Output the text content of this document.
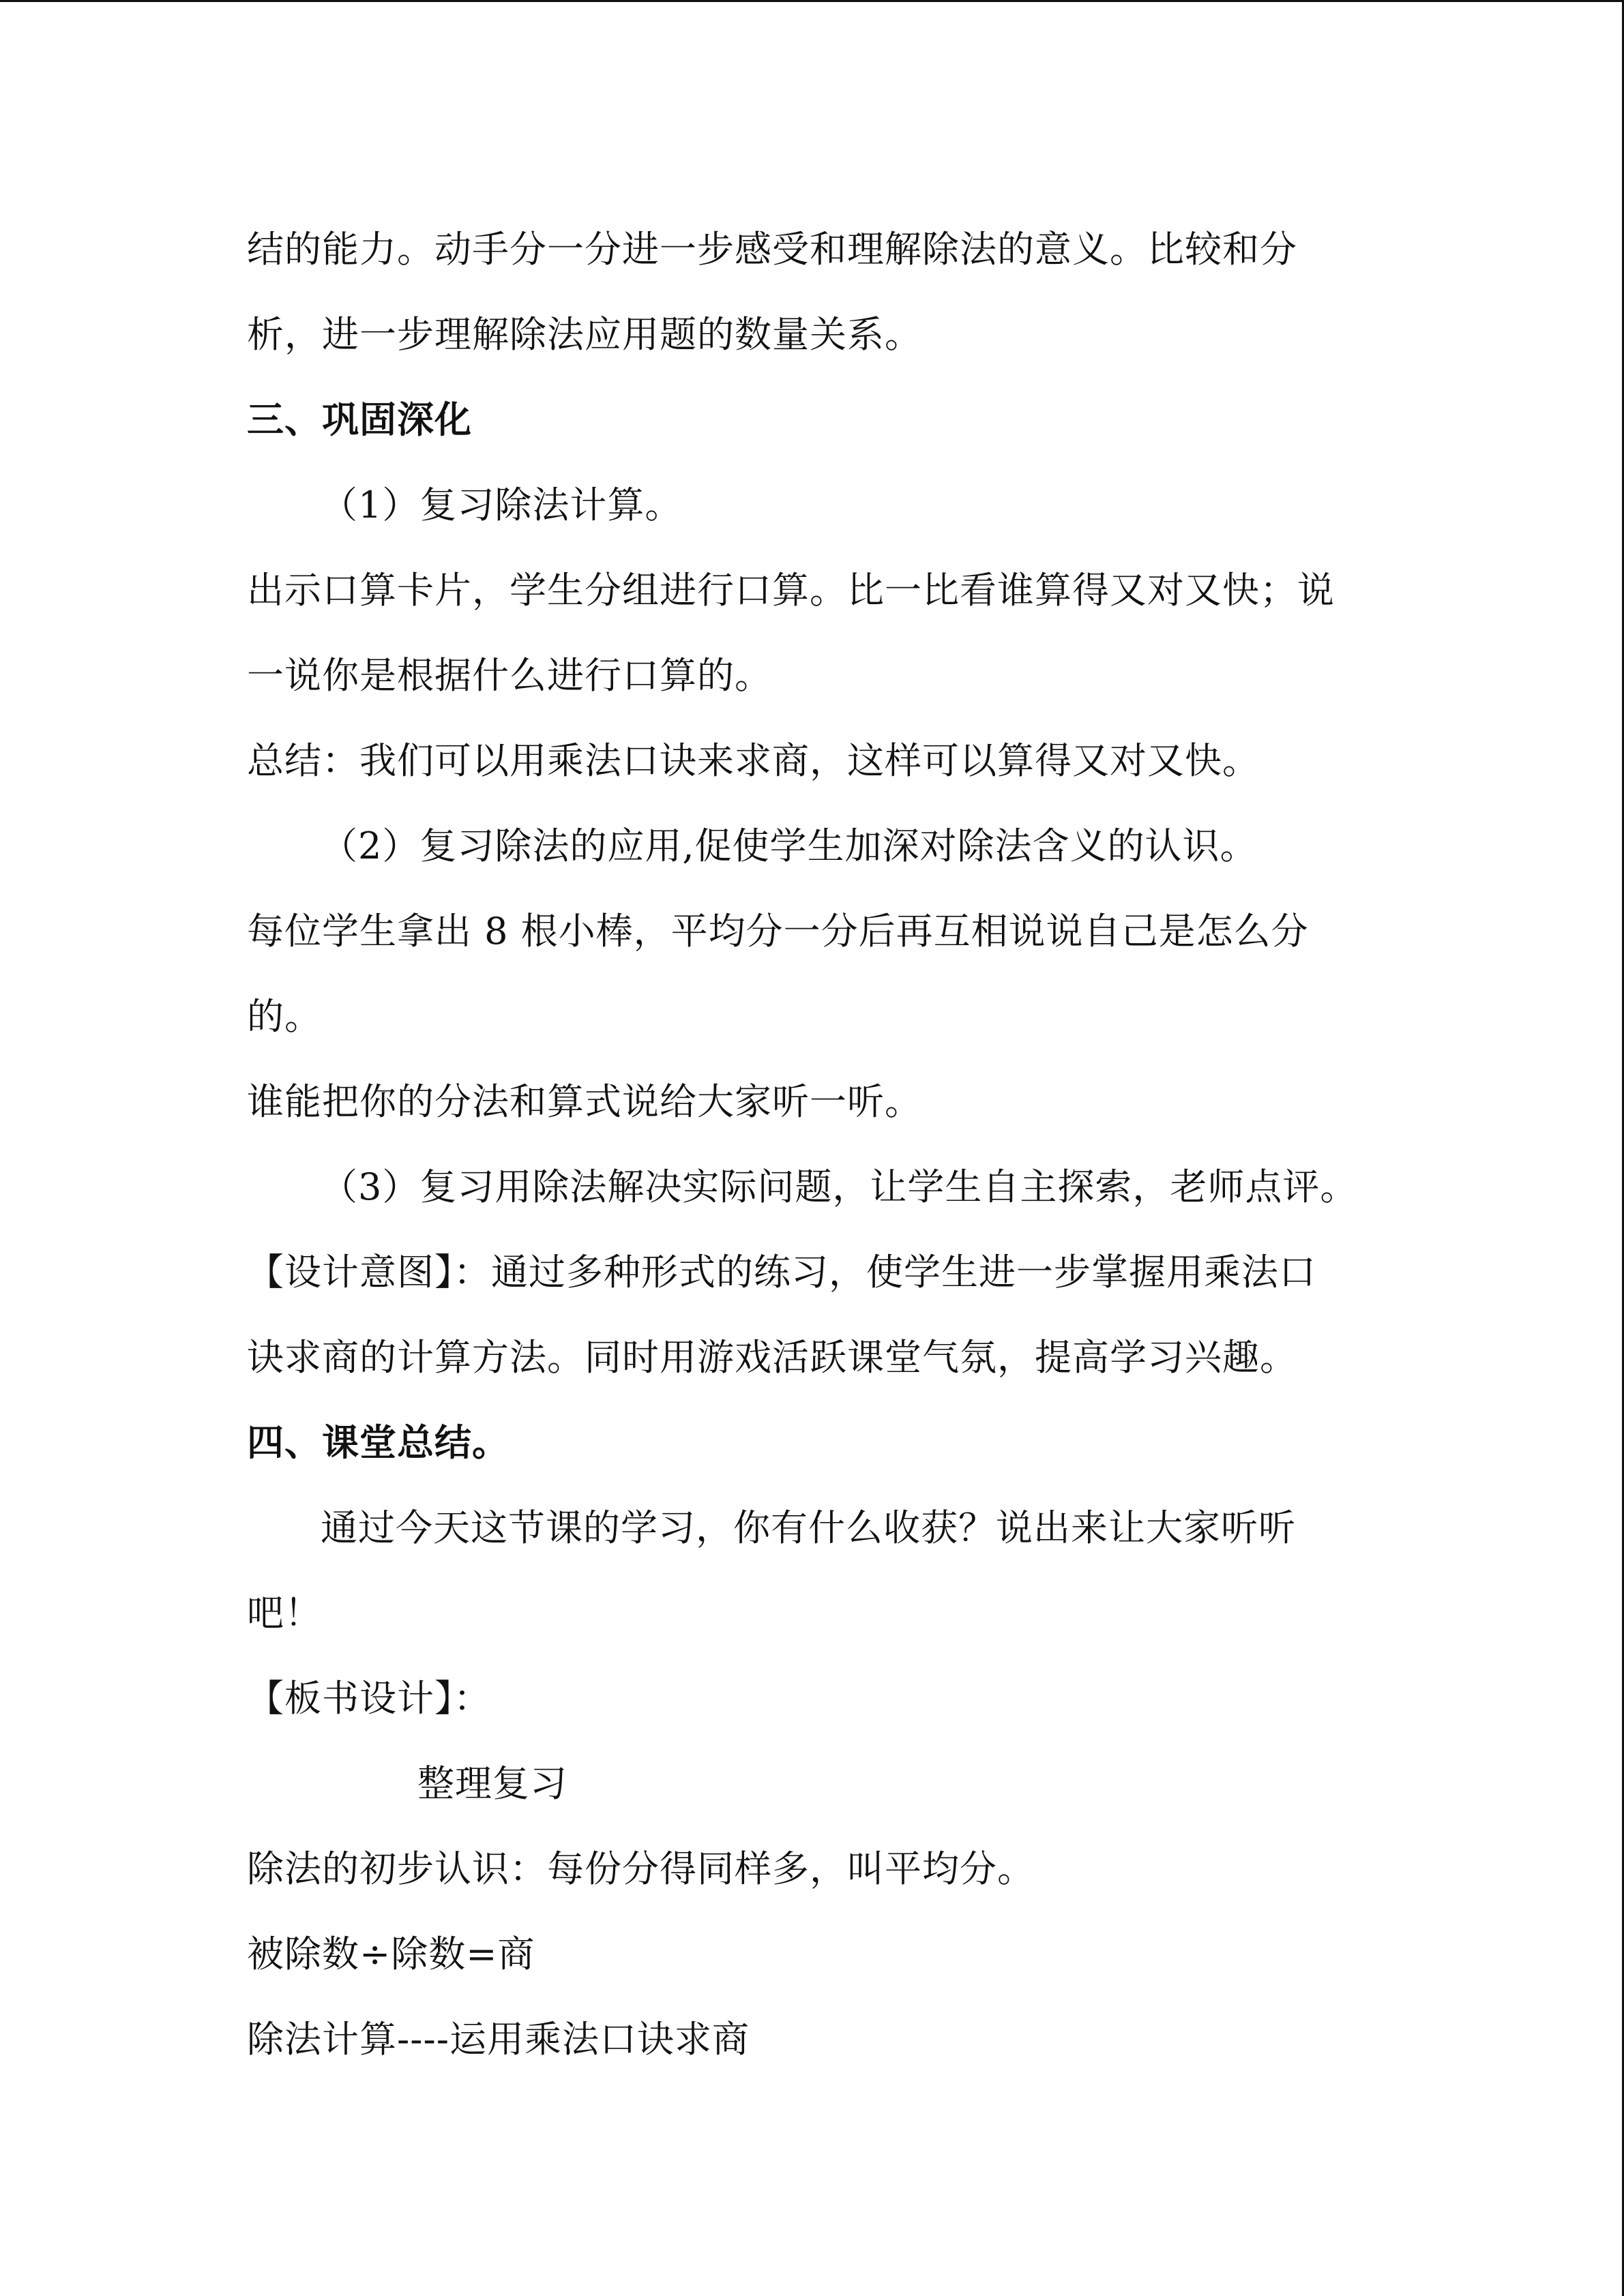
结的能力。动手分一分进一步感受和理解除法的意义。比较和分
析，进一步理解除法应用题的数量关系。
三、巩固深化
（1）复习除法计算。
出示口算卡片，学生分组进行口算。比一比看谁算得又对又快；说
一说你是根据什么进行口算的。
总结：我们可以用乘法口诀来求商，这样可以算得又对又快。
（2）复习除法的应用,促使学生加深对除法含义的认识。
每位学生拿出 8 根小棒，平均分一分后再互相说说自己是怎么分
的。
谁能把你的分法和算式说给大家听一听。
（3）复习用除法解决实际问题，让学生自主探索，老师点评。
【设计意图】：通过多种形式的练习，使学生进一步掌握用乘法口
诀求商的计算方法。同时用游戏活跃课堂气氛，提高学习兴趣。
四、课堂总结。
通过今天这节课的学习，你有什么收获？说出来让大家听听
吧！
【板书设计】：
整理复习
除法的初步认识：每份分得同样多，叫平均分。
被除数÷除数=商
除法计算----运用乘法口诀求商
